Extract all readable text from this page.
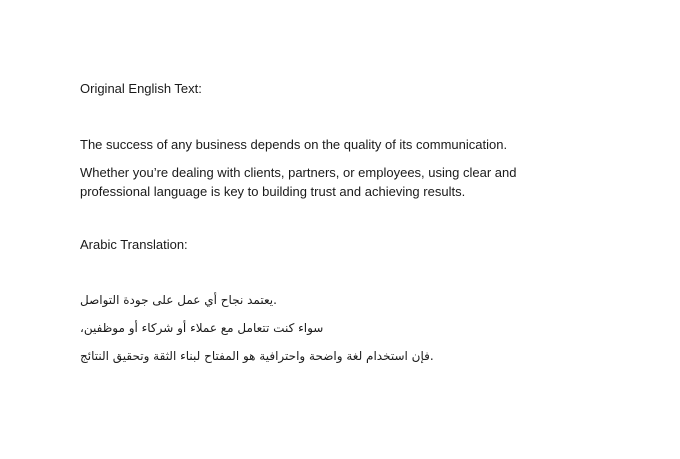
Original English Text:

The success of any business depends on the quality of its communication.

Whether you’re dealing with clients, partners, or employees, using clear and professional language is key to building trust and achieving results.

Arabic Translation:

.يعتمد نجاح أي عمل على جودة التواصل

سواء كنت تتعامل مع عملاء أو شركاء أو موظفين،

.فإن استخدام لغة واضحة واحترافية هو المفتاح لبناء الثقة وتحقيق النتائج
